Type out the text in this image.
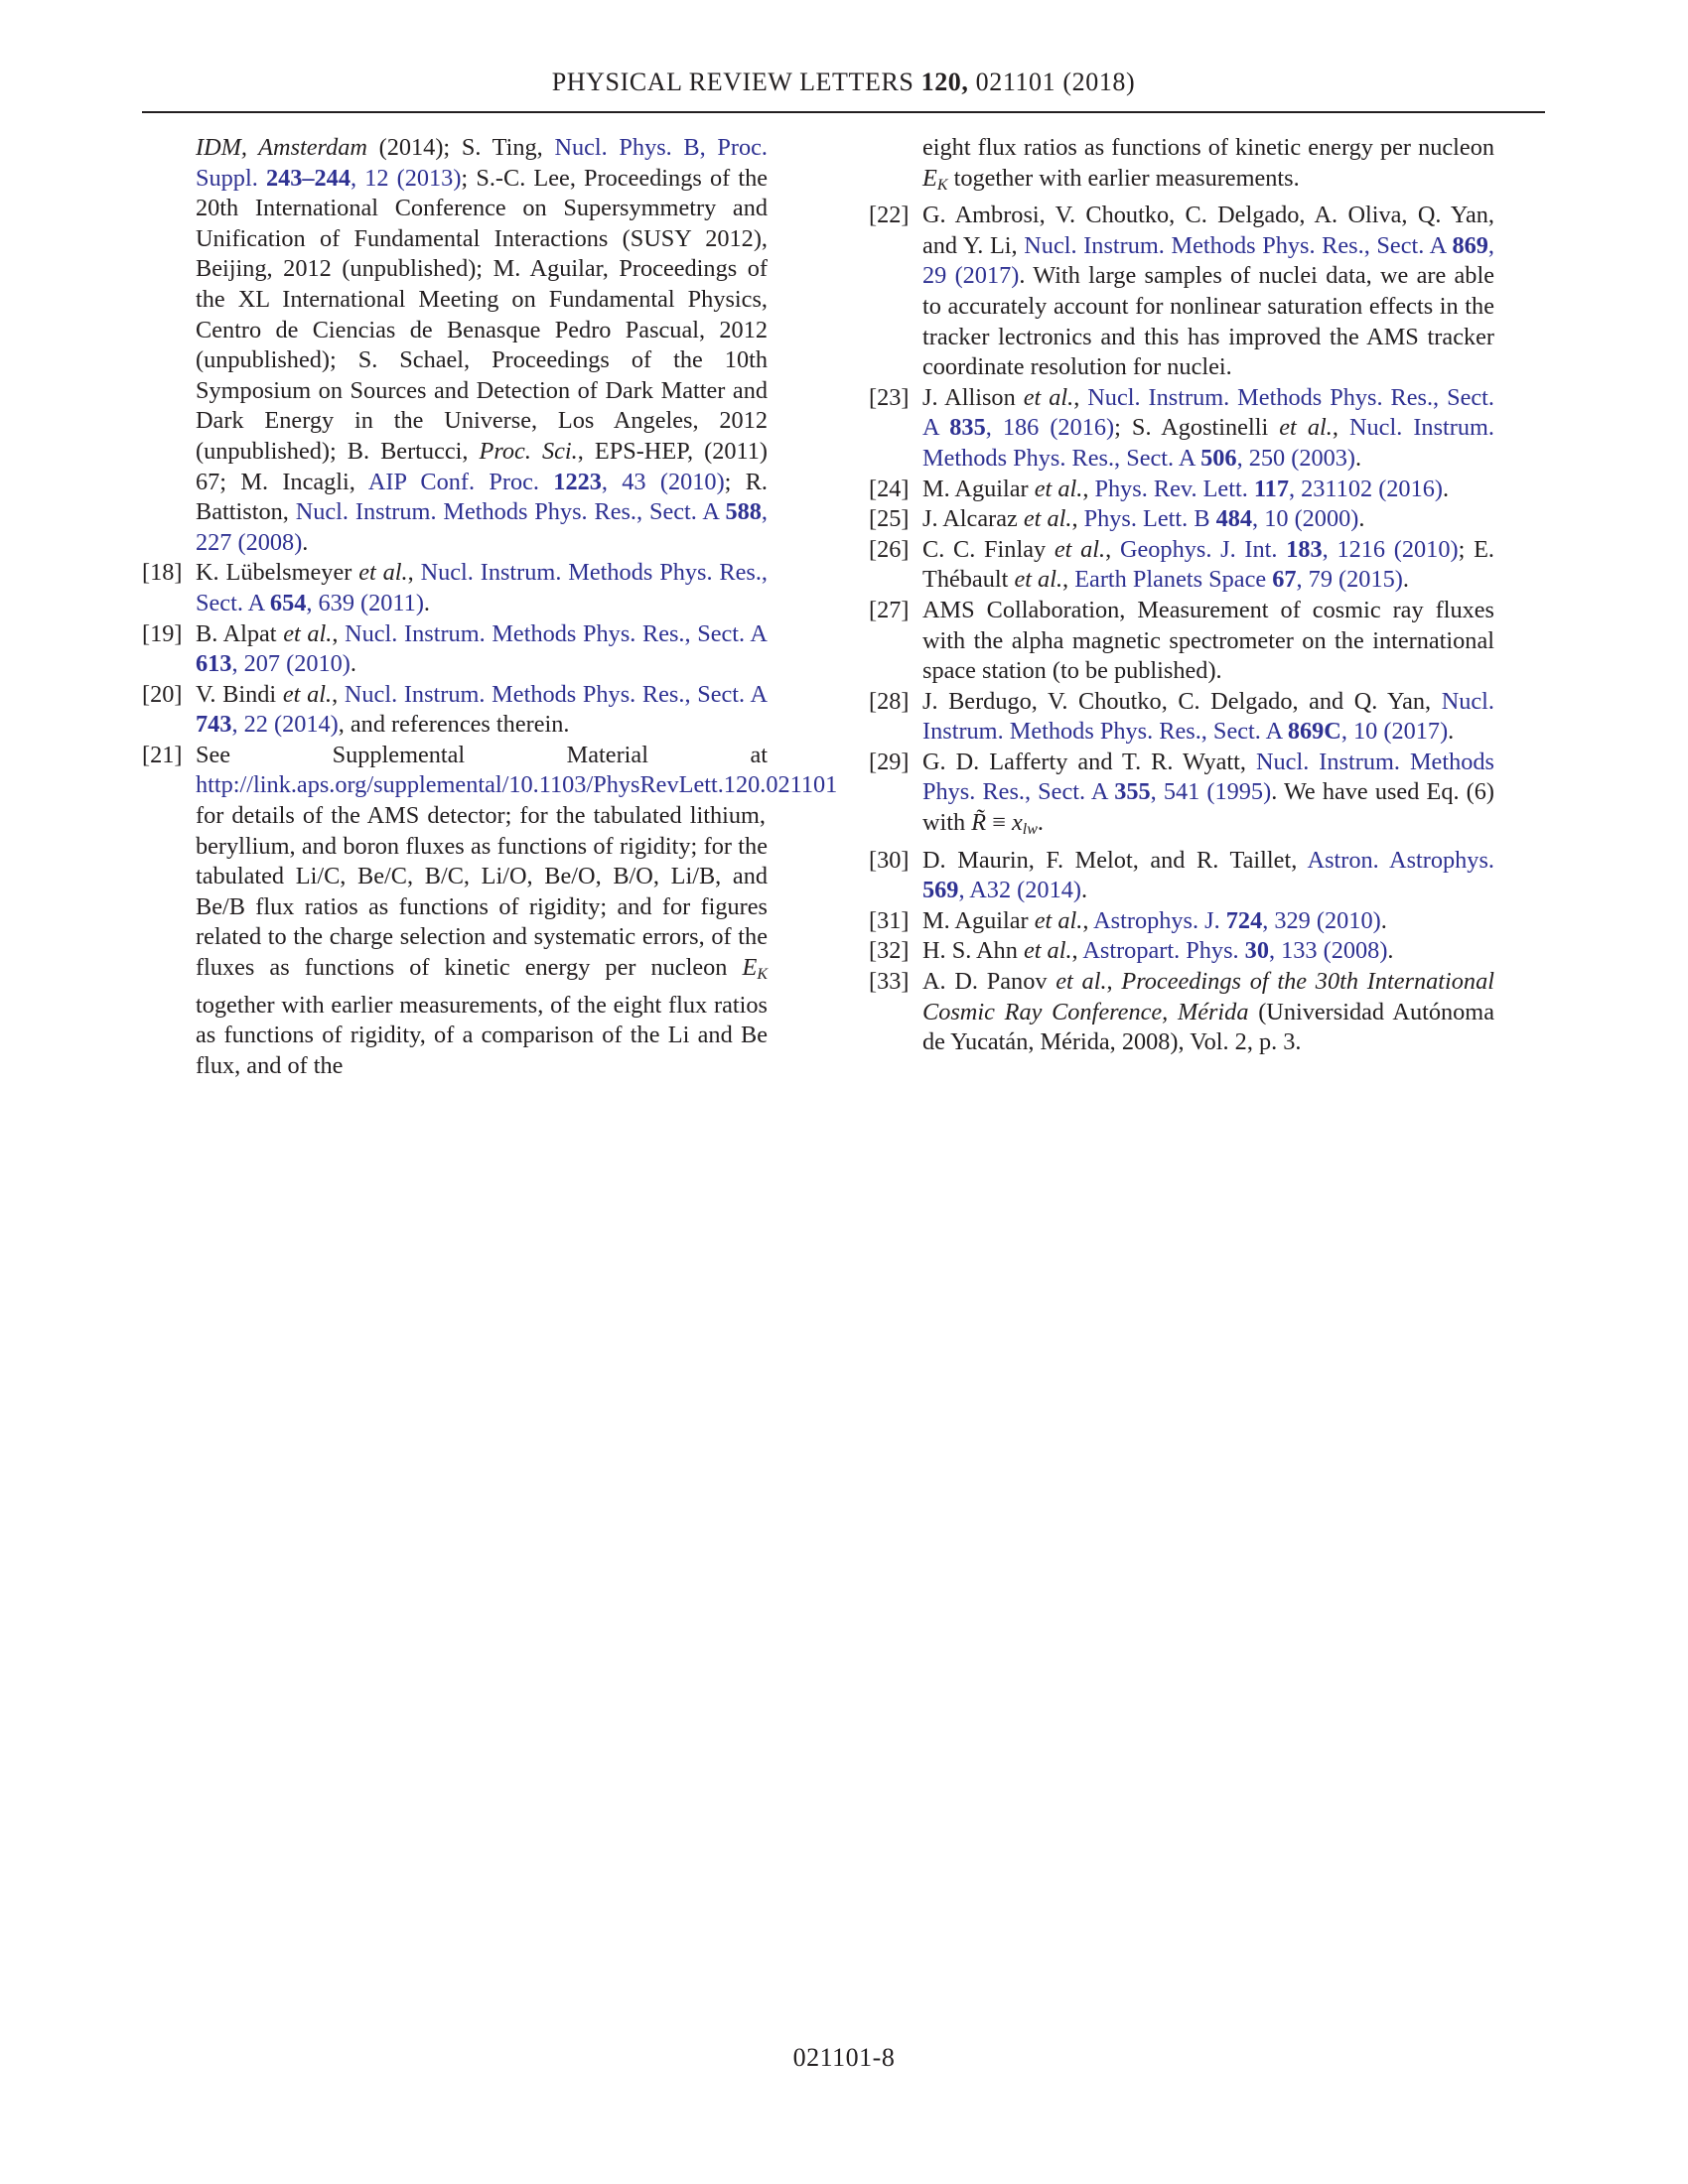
PHYSICAL REVIEW LETTERS 120, 021101 (2018)
IDM, Amsterdam (2014); S. Ting, Nucl. Phys. B, Proc. Suppl. 243–244, 12 (2013); S.-C. Lee, Proceedings of the 20th International Conference on Supersymmetry and Unification of Fundamental Interactions (SUSY 2012), Beijing, 2012 (unpublished); M. Aguilar, Proceedings of the XL International Meeting on Fundamental Physics, Centro de Ciencias de Benasque Pedro Pascual, 2012 (unpublished); S. Schael, Proceedings of the 10th Symposium on Sources and Detection of Dark Matter and Dark Energy in the Universe, Los Angeles, 2012 (unpublished); B. Bertucci, Proc. Sci., EPS-HEP, (2011) 67; M. Incagli, AIP Conf. Proc. 1223, 43 (2010); R. Battiston, Nucl. Instrum. Methods Phys. Res., Sect. A 588, 227 (2008).
[18] K. Lübelsmeyer et al., Nucl. Instrum. Methods Phys. Res., Sect. A 654, 639 (2011).
[19] B. Alpat et al., Nucl. Instrum. Methods Phys. Res., Sect. A 613, 207 (2010).
[20] V. Bindi et al., Nucl. Instrum. Methods Phys. Res., Sect. A 743, 22 (2014), and references therein.
[21] See Supplemental Material at http://link.aps.org/supplemental/10.1103/PhysRevLett.120.021101 for details of the AMS detector; for the tabulated lithium, beryllium, and boron fluxes as functions of rigidity; for the tabulated Li/C, Be/C, B/C, Li/O, Be/O, B/O, Li/B, and Be/B flux ratios as functions of rigidity; and for figures related to the charge selection and systematic errors, of the fluxes as functions of kinetic energy per nucleon $E_K$ together with earlier measurements, of the eight flux ratios as functions of rigidity, of a comparison of the Li and Be flux, and of the
eight flux ratios as functions of kinetic energy per nucleon $E_K$ together with earlier measurements.
[22] G. Ambrosi, V. Choutko, C. Delgado, A. Oliva, Q. Yan, and Y. Li, Nucl. Instrum. Methods Phys. Res., Sect. A 869, 29 (2017). With large samples of nuclei data, we are able to accurately account for nonlinear saturation effects in the tracker lectronics and this has improved the AMS tracker coordinate resolution for nuclei.
[23] J. Allison et al., Nucl. Instrum. Methods Phys. Res., Sect. A 835, 186 (2016); S. Agostinelli et al., Nucl. Instrum. Methods Phys. Res., Sect. A 506, 250 (2003).
[24] M. Aguilar et al., Phys. Rev. Lett. 117, 231102 (2016).
[25] J. Alcaraz et al., Phys. Lett. B 484, 10 (2000).
[26] C. C. Finlay et al., Geophys. J. Int. 183, 1216 (2010); E. Thébault et al., Earth Planets Space 67, 79 (2015).
[27] AMS Collaboration, Measurement of cosmic ray fluxes with the alpha magnetic spectrometer on the international space station (to be published).
[28] J. Berdugo, V. Choutko, C. Delgado, and Q. Yan, Nucl. Instrum. Methods Phys. Res., Sect. A 869C, 10 (2017).
[29] G. D. Lafferty and T. R. Wyatt, Nucl. Instrum. Methods Phys. Res., Sect. A 355, 541 (1995). We have used Eq. (6) with R̃ ≡ $x_{lw}$.
[30] D. Maurin, F. Melot, and R. Taillet, Astron. Astrophys. 569, A32 (2014).
[31] M. Aguilar et al., Astrophys. J. 724, 329 (2010).
[32] H. S. Ahn et al., Astropart. Phys. 30, 133 (2008).
[33] A. D. Panov et al., Proceedings of the 30th International Cosmic Ray Conference, Mérida (Universidad Autónoma de Yucatán, Mérida, 2008), Vol. 2, p. 3.
021101-8
